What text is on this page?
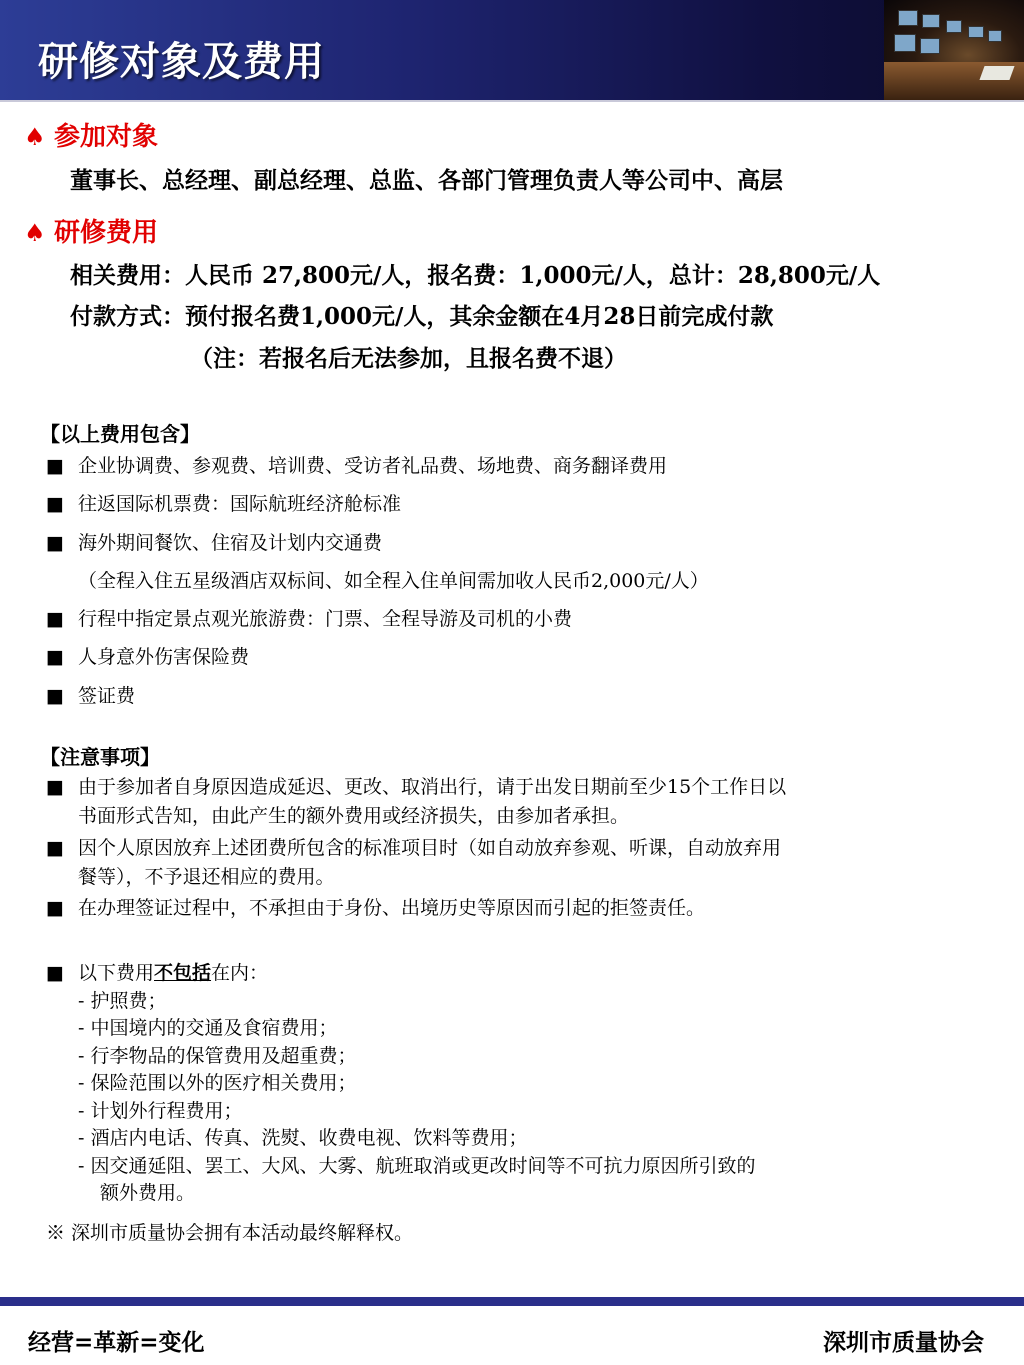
研修对象及费用
♠ 参加对象
董事长、总经理、副总经理、总监、各部门管理负责人等公司中、高层
♠ 研修费用
相关费用：人民币 27,800元/人，报名费：1,000元/人，总计：28,800元/人
付款方式：预付报名费1,000元/人，其余金额在4月28日前完成付款
（注：若报名后无法参加，且报名费不退）
【以上费用包含】
■ 企业协调费、参观费、培训费、受访者礼品费、场地费、商务翻译费用
■ 往返国际机票费：国际航班经济舱标准
■ 海外期间餐饮、住宿及计划内交通费
（全程入住五星级酒店双标间、如全程入住单间需加收人民币2,000元/人）
■ 行程中指定景点观光旅游费：门票、全程导游及司机的小费
■ 人身意外伤害保险费
■ 签证费
【注意事项】
■ 由于参加者自身原因造成延迟、更改、取消出行，请于出发日期前至少15个工作日以
书面形式告知，由此产生的额外费用或经济损失，由参加者承担。
■ 因个人原因放弃上述团费所包含的标准项目时（如自动放弃参观、听课，自动放弃用
餐等），不予退还相应的费用。
■ 在办理签证过程中，不承担由于身份、出境历史等原因而引起的拒签责任。
■ 以下费用不包括在内：
- 护照费；
- 中国境内的交通及食宿费用；
- 行李物品的保管费用及超重费；
- 保险范围以外的医疗相关费用；
- 计划外行程费用；
- 酒店内电话、传真、洗熨、收费电视、饮料等费用；
- 因交通延阻、罢工、大风、大雾、航班取消或更改时间等不可抗力原因所引致的
额外费用。
※ 深圳市质量协会拥有本活动最终解释权。
经营=革新=变化	深圳市质量协会
